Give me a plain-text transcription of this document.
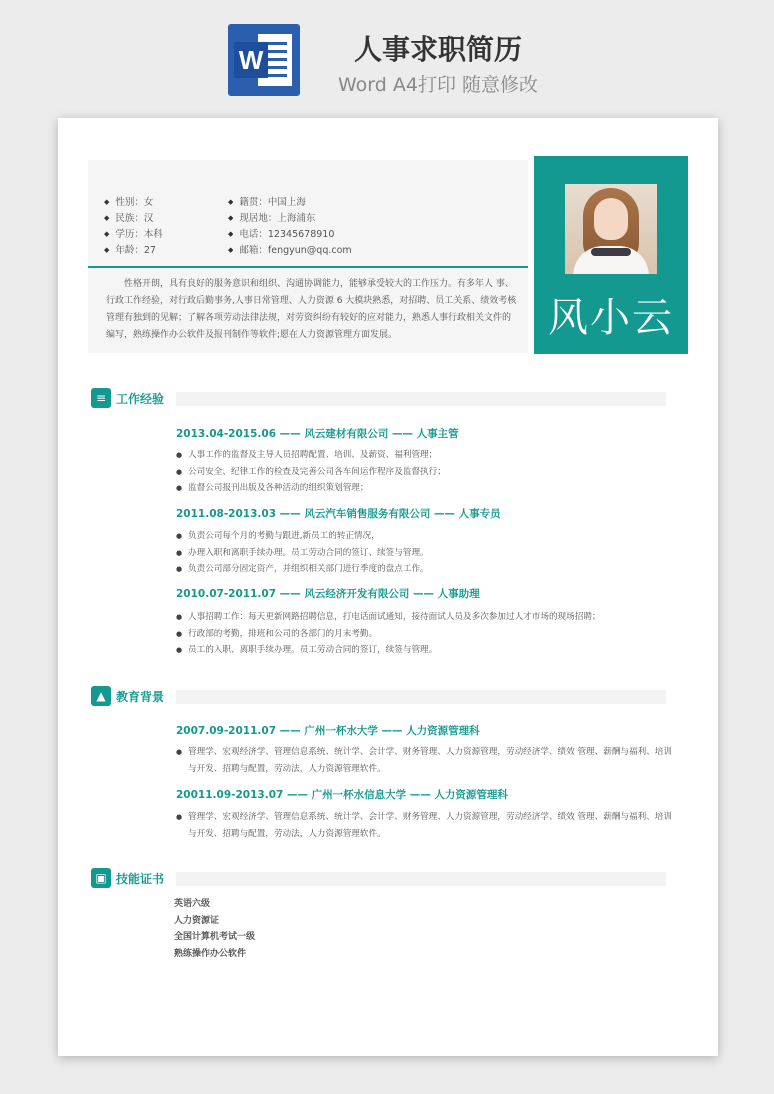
W	人事求职简历
Word A4打印 随意修改
◆ 性别：女
◆ 民族：汉
◆ 学历：本科
◆ 年龄：27
◆ 籍贯：中国上海
◆ 现居地：上海浦东
◆ 电话：12345678910
◆ 邮箱：fengyun@qq.com
性格开朗，具有良好的服务意识和组织、沟通协调能力，能够承受较大的工作压力。有多年人 事、行政工作经验，对行政后勤事务,人事日常管理、人力资源 6 大模块熟悉，对招聘、员工关系、绩效考核管理有独到的见解；了解各项劳动法律法规，对劳资纠纷有较好的应对能力，熟悉人事行政相关文件的编写，熟练操作办公软件及报刊制作等软件;愿在人力资源管理方面发展。	风小云
≡ 工作经验
2013.04-2015.06 —— 风云建材有限公司 —— 人事主管
● 人事工作的监督及主导人员招聘配置、培训、及薪资、福利管理；
● 公司安全、纪律工作的检查及完善公司各车间运作程序及监督执行；
● 监督公司报刊出版及各种活动的组织策划管理；
2011.08-2013.03 —— 风云汽车销售服务有限公司 —— 人事专员
● 负责公司每个月的考勤与跟进,新员工的转正情况，
● 办理入职和离职手续办理。员工劳动合同的签订、续签与管理。
● 负责公司部分固定资产，并组织相关部门进行季度的盘点工作。
2010.07-2011.07 —— 风云经济开发有限公司 —— 人事助理
● 人事招聘工作：每天更新网路招聘信息，打电话面试通知，接待面试人员及多次参加过人才市场的现场招聘；
● 行政部的考勤，排班和公司的各部门的月末考勤。
● 员工的入职、离职手续办理。员工劳动合同的签订，续签与管理。
▲ 教育背景
2007.09-2011.07 —— 广州一杯水大学 —— 人力资源管理科
● 管理学、宏观经济学、管理信息系统、统计学、会计学、财务管理、人力资源管理，劳动经济学、绩效 管理、薪酬与福利、培训与开发、招聘与配置，劳动法，人力资源管理软件。
20011.09-2013.07 —— 广州一杯水信息大学 —— 人力资源管理科
● 管理学、宏观经济学、管理信息系统、统计学、会计学、财务管理、人力资源管理，劳动经济学、绩效 管理、薪酬与福利、培训与开发、招聘与配置，劳动法，人力资源管理软件。
▣ 技能证书
英语六级
人力资源证
全国计算机考试一级
熟练操作办公软件
